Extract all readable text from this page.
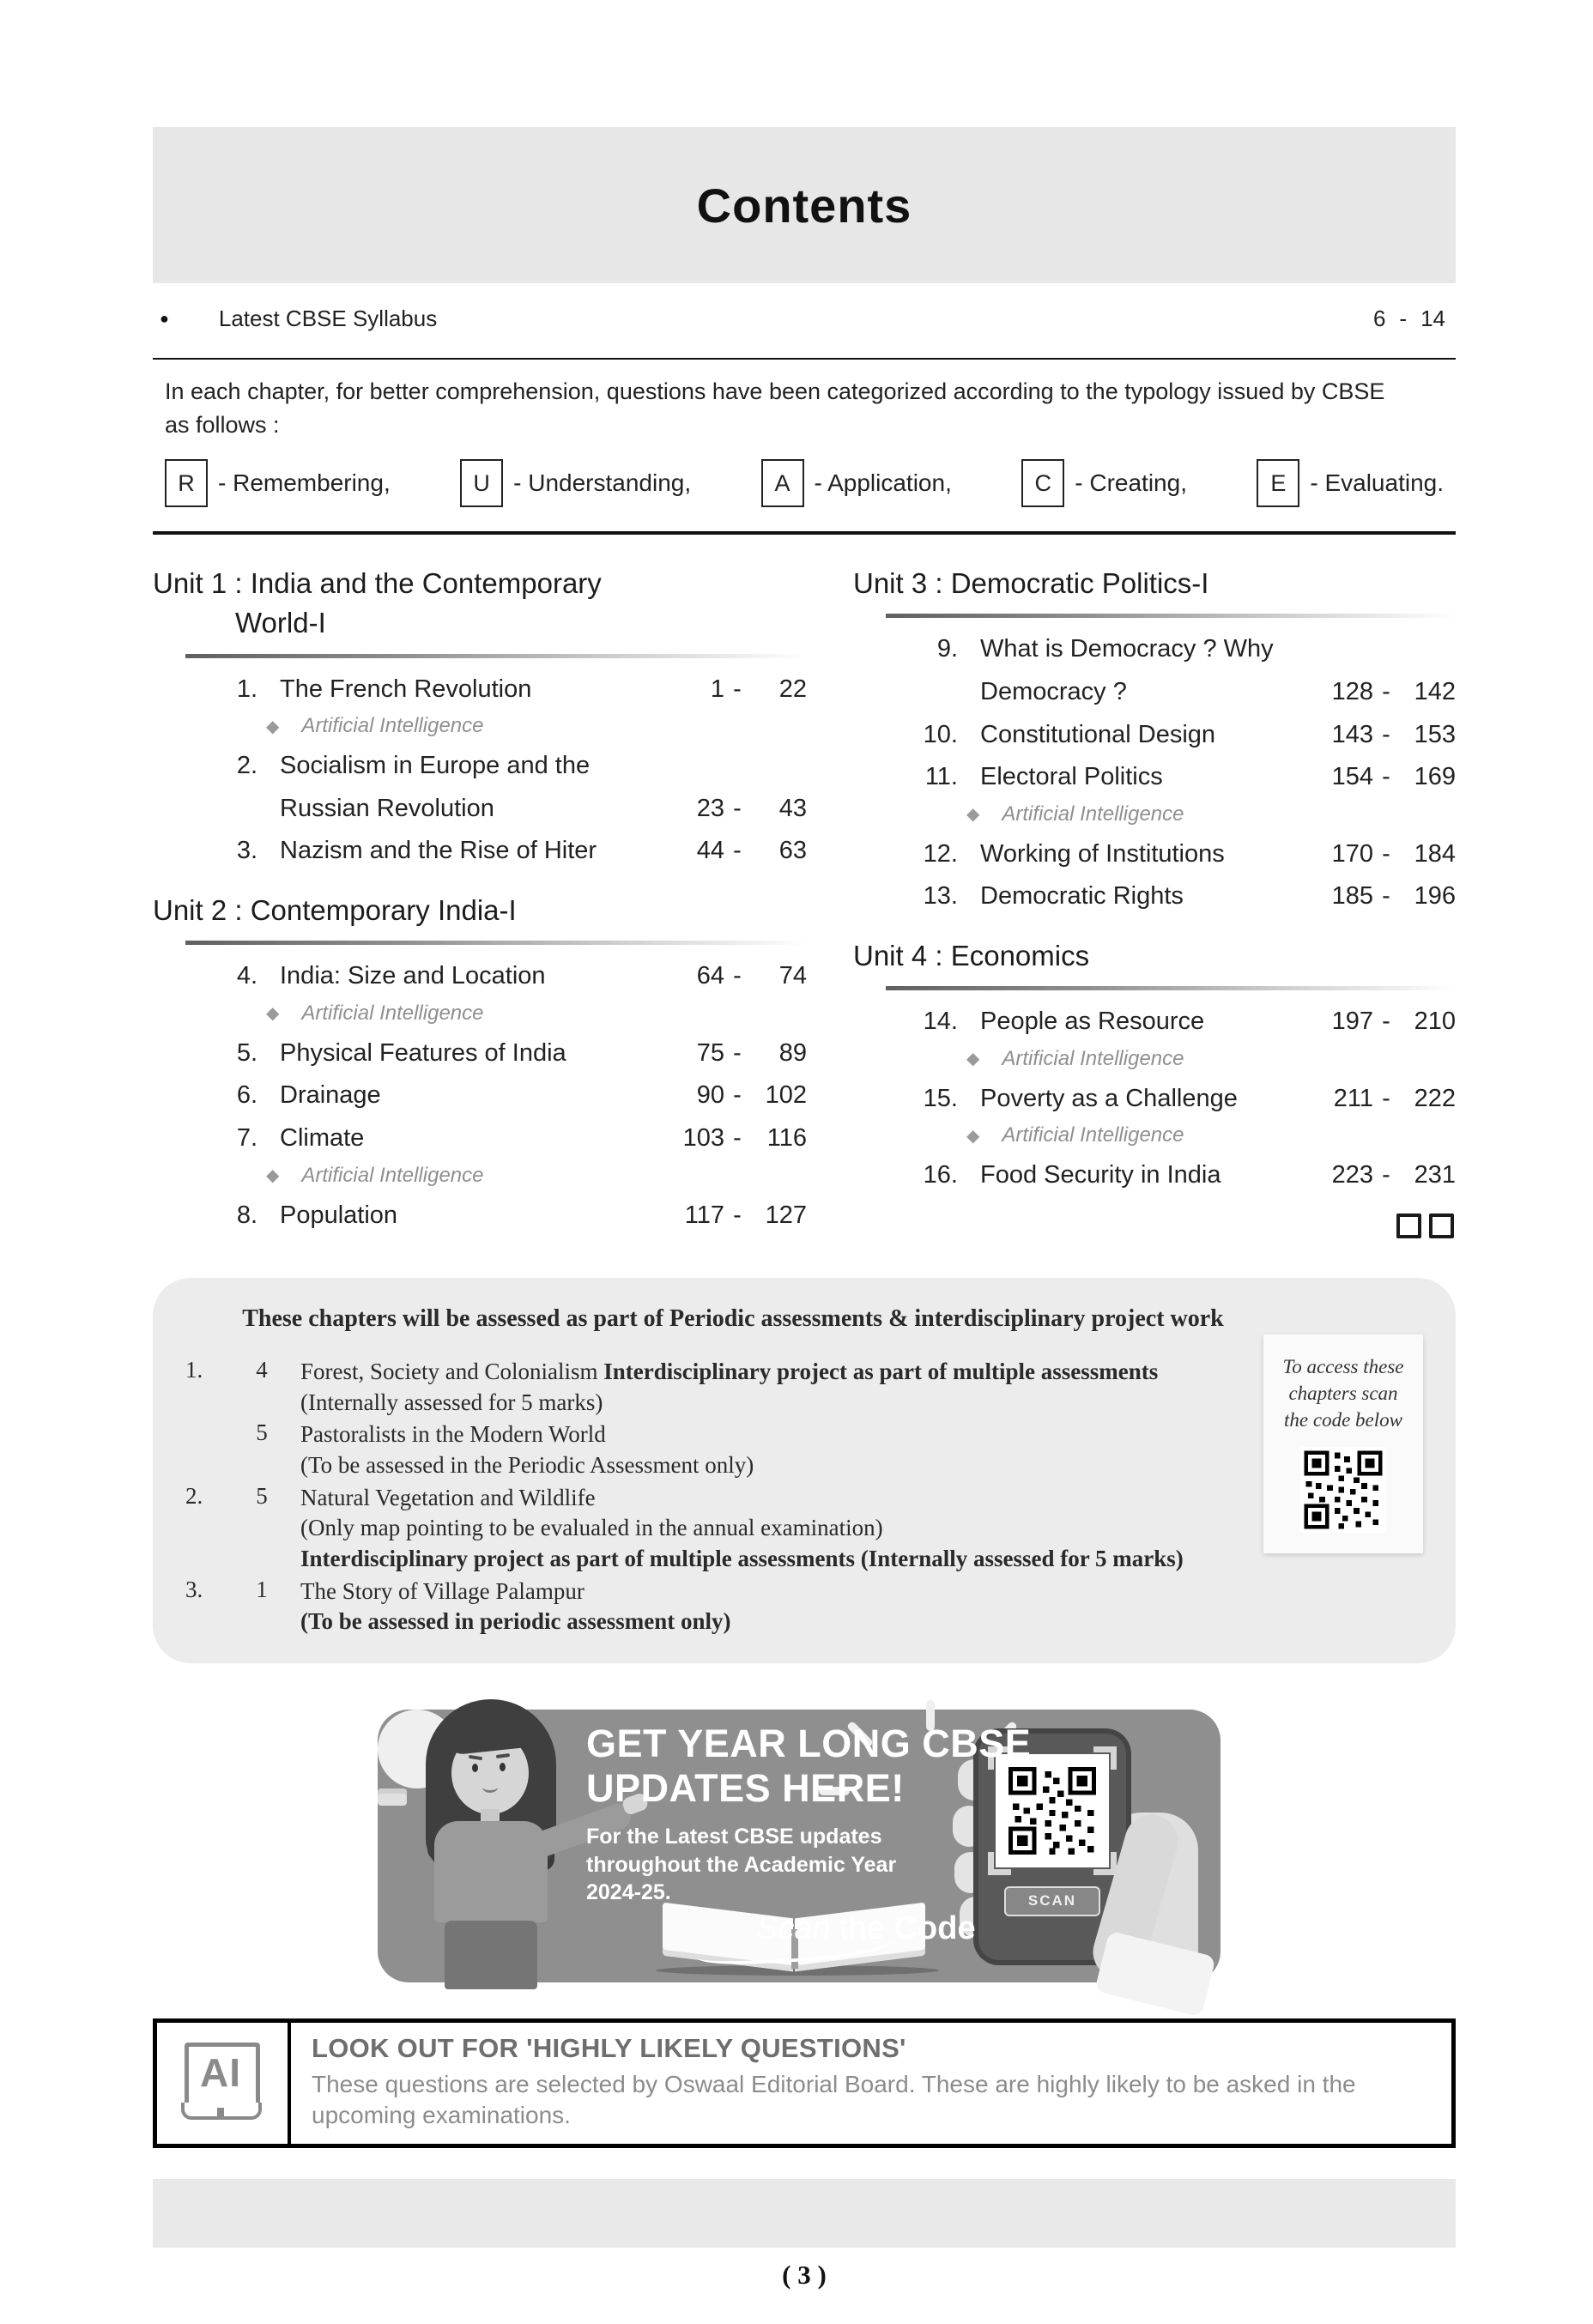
Contents
● Latest CBSE Syllabus	6 - 14
In each chapter, for better comprehension, questions have been categorized according to the typology issued by CBSE
as follows :
R - Remembering,	U - Understanding,	A	- Application,	C - Creating,	E	- Evaluating.
Unit 1 : India and the Contemporary
World-I
1. The French Revolution	1 -	22
◆ Artificial Intelligence
2. Socialism in Europe and the
Russian Revolution	23 -	43
3. Nazism and the Rise of Hiter	44 -	63
Unit 2 : Contemporary India-I
4. India: Size and Location	64 -	74
◆ Artificial Intelligence
5. Physical Features of India	75 -	89
6. Drainage	90 - 102
7. Climate	103 -	116
◆ Artificial Intelligence
8. Population	117 - 127
Unit 3 : Democratic Politics-I
9. What is Democracy ? Why
Democracy ?	128 - 142
10. Constitutional Design	143 - 153
11. Electoral Politics	154 - 169
◆ Artificial Intelligence
12. Working of Institutions	170 - 184
13. Democratic Rights	185 - 196
Unit 4 : Economics
14. People as Resource	197 - 210
◆ Artificial Intelligence
15. Poverty as a Challenge	211 - 222
◆ Artificial Intelligence
16. Food Security in India	223 - 231
These chapters will be assessed as part of Periodic assessments & interdisciplinary project work
1.	4	Forest, Society and Colonialism Interdisciplinary project as part of multiple assessments
(Internally assessed for 5 marks)
5	Pastoralists in the Modern World
(To be assessed in the Periodic Assessment only)
2.	5	Natural Vegetation and Wildlife
(Only map pointing to be evalualed in the annual examination)
Interdisciplinary project as part of multiple assessments (Internally assessed for 5 marks)
3.	1	The Story of Village Palampur
(To be assessed in periodic assessment only)
To access these
chapters scan
the code below
SCAN
GET YEAR LONG CBSE
UPDATES HERE!
For the Latest CBSE updates
throughout the Academic Year
2024-25.
Scan the Code
AI
LOOK OUT FOR 'HIGHLY LIKELY QUESTIONS'
These questions are selected by Oswaal Editorial Board. These are highly likely to be asked in the upcoming examinations.
( 3 )
